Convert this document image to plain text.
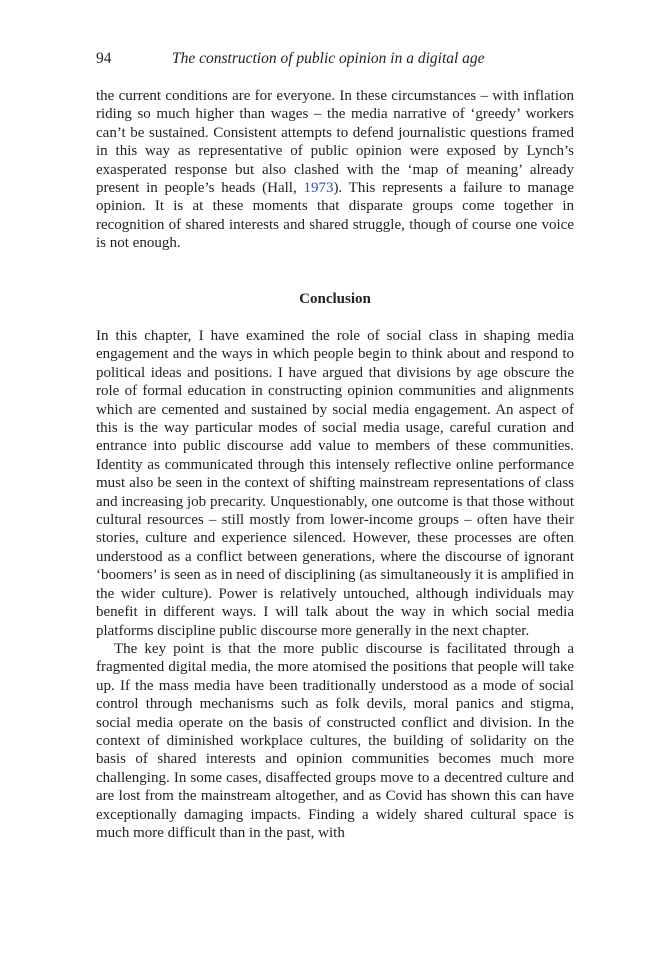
94	The construction of public opinion in a digital age

the current conditions are for everyone. In these circumstances – with inflation riding so much higher than wages – the media narrative of ‘greedy’ workers can’t be sustained. Consistent attempts to defend journalistic questions framed in this way as representative of public opinion were exposed by Lynch’s exasperated response but also clashed with the ‘map of meaning’ already present in people’s heads (Hall, 1973). This represents a failure to manage opinion. It is at these moments that disparate groups come together in recognition of shared interests and shared struggle, though of course one voice is not enough.

Conclusion

In this chapter, I have examined the role of social class in shaping media engagement and the ways in which people begin to think about and respond to political ideas and positions. I have argued that divisions by age obscure the role of formal education in constructing opinion communities and alignments which are cemented and sustained by social media engagement. An aspect of this is the way particular modes of social media usage, careful curation and entrance into public discourse add value to members of these communities. Identity as communicated through this intensely reflective online performance must also be seen in the context of shifting mainstream representations of class and increasing job precarity. Unquestionably, one outcome is that those without cultural resources – still mostly from lower-income groups – often have their stories, culture and experience silenced. However, these processes are often understood as a conflict between generations, where the discourse of ignorant ‘boomers’ is seen as in need of disciplining (as simultaneously it is amplified in the wider culture). Power is relatively untouched, although individuals may benefit in different ways. I will talk about the way in which social media platforms discipline public discourse more generally in the next chapter.

The key point is that the more public discourse is facilitated through a fragmented digital media, the more atomised the positions that people will take up. If the mass media have been traditionally understood as a mode of social control through mechanisms such as folk devils, moral panics and stigma, social media operate on the basis of constructed conflict and division. In the context of diminished workplace cultures, the building of solidarity on the basis of shared interests and opinion communities becomes much more challenging. In some cases, disaffected groups move to a decentred culture and are lost from the mainstream altogether, and as Covid has shown this can have exceptionally damaging impacts. Finding a widely shared cultural space is much more difficult than in the past, with
